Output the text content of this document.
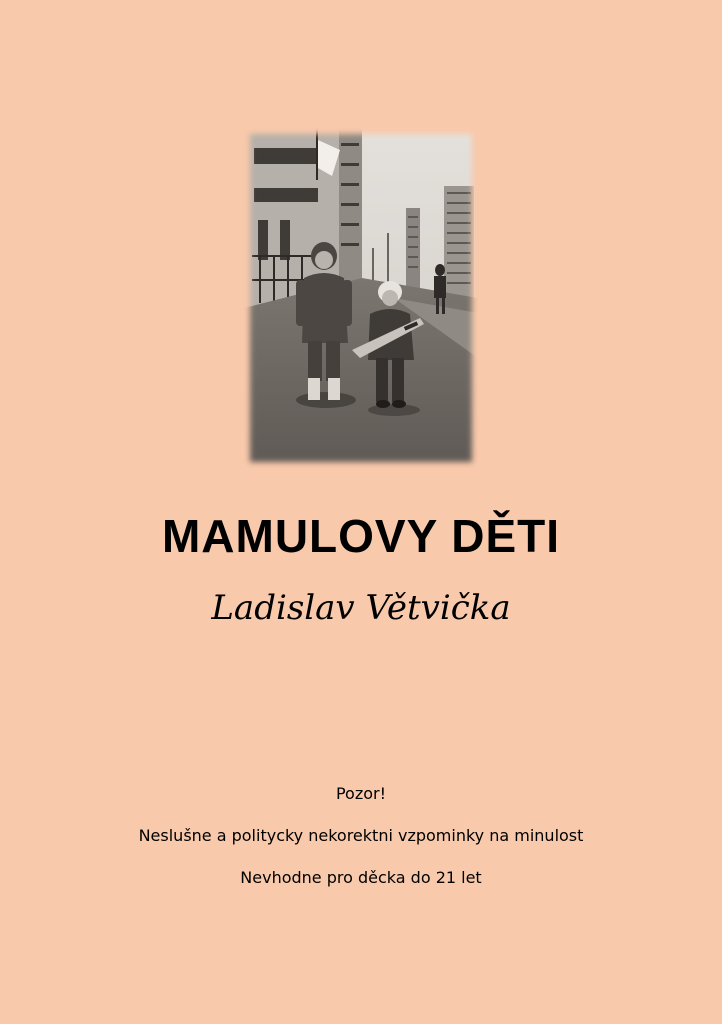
MAMULOVY DĚTI
Ladislav Větvička
Pozor!
Neslušne a politycky nekorektni vzpominky na minulost
Nevhodne pro děcka do 21 let
